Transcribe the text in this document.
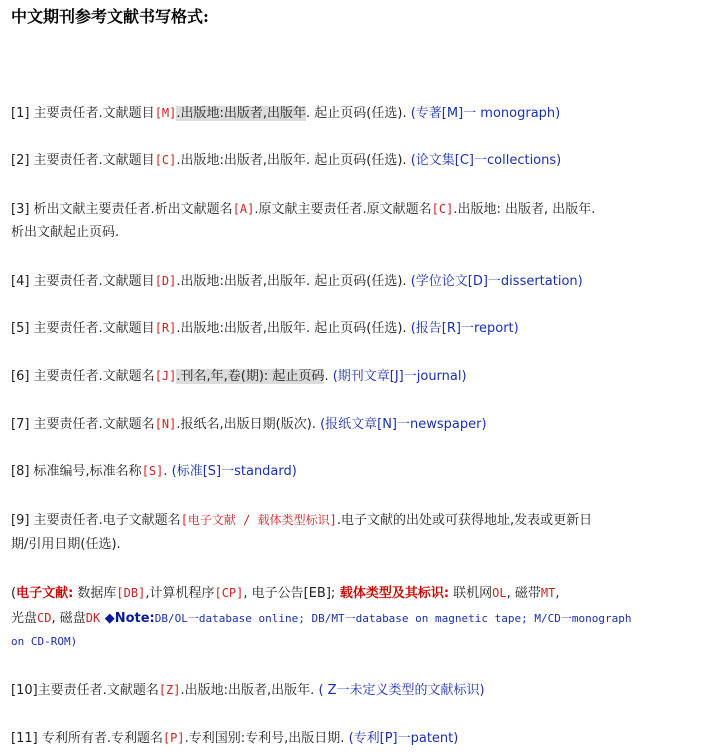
中文期刊参考文献书写格式:
[1] 主要责任者.文献题目[M].出版地:出版者,出版年. 起止页码(任选). (专著[M]一 monograph)
[2] 主要责任者.文献题目[C].出版地:出版者,出版年. 起止页码(任选). (论文集[C]一collections)
[3] 析出文献主要责任者.析出文献题名[A].原文献主要责任者.原文献题名[C].出版地: 出版者, 出版年.
析出文献起止页码.
[4] 主要责任者.文献题目[D].出版地:出版者,出版年. 起止页码(任选). (学位论文[D]一dissertation)
[5] 主要责任者.文献题目[R].出版地:出版者,出版年. 起止页码(任选). (报告[R]一report)
[6] 主要责任者.文献题名[J].刊名,年,卷(期): 起止页码. (期刊文章[J]一journal)
[7] 主要责任者.文献题名[N].报纸名,出版日期(版次). (报纸文章[N]一newspaper)
[8] 标准编号,标准名称[S]. (标准[S]一standard)
[9] 主要责任者.电子文献题名[电子文献 / 载体类型标识].电子文献的出处或可获得地址,发表或更新日
期/引用日期(任选).
(电子文献: 数据库[DB],计算机程序[CP], 电子公告[EB]; 载体类型及其标识: 联机网OL, 磁带MT,
光盘CD, 磁盘DK ◆Note:DB/OL一database online; DB/MT一database on magnetic tape; M/CD一monograph
on CD-ROM)
[10]主要责任者.文献题名[Z].出版地:出版者,出版年. ( Z一未定义类型的文献标识)
[11] 专利所有者.专利题名[P].专利国别:专利号,出版日期. (专利[P]一patent)
